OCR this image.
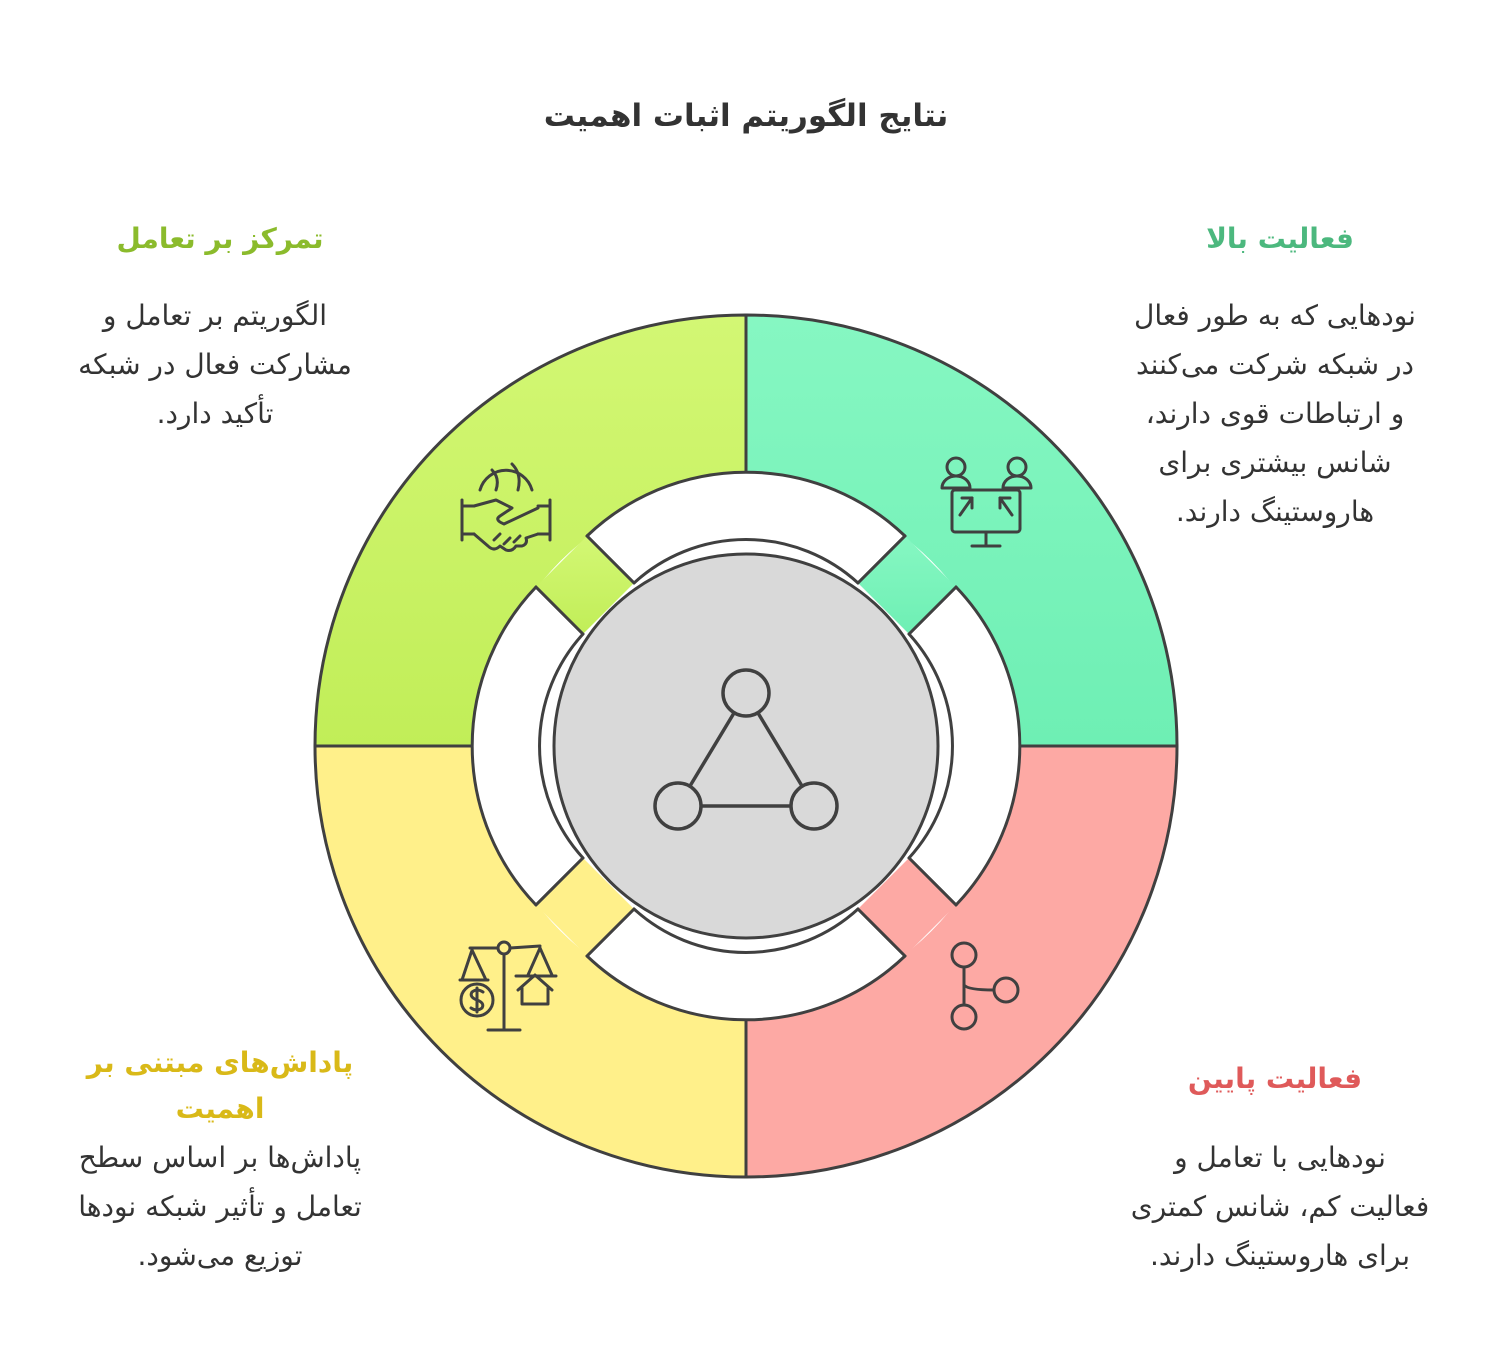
نتایج الگوریتم اثبات اهمیت
فعالیت بالا
نودهایی که به طور فعال
در شبکه شرکت می‌کنند
و ارتباطات قوی دارند،
شانس بیشتری برای
هاروستینگ دارند.
تمرکز بر تعامل
الگوریتم بر تعامل و
مشارکت فعال در شبکه
تأکید دارد.
پاداش‌های مبتنی بر
اهمیت
پاداش‌ها بر اساس سطح
تعامل و تأثیر شبکه نودها
توزیع می‌شود.
فعالیت پایین
نودهایی با تعامل و
فعالیت کم، شانس کمتری
برای هاروستینگ دارند.
